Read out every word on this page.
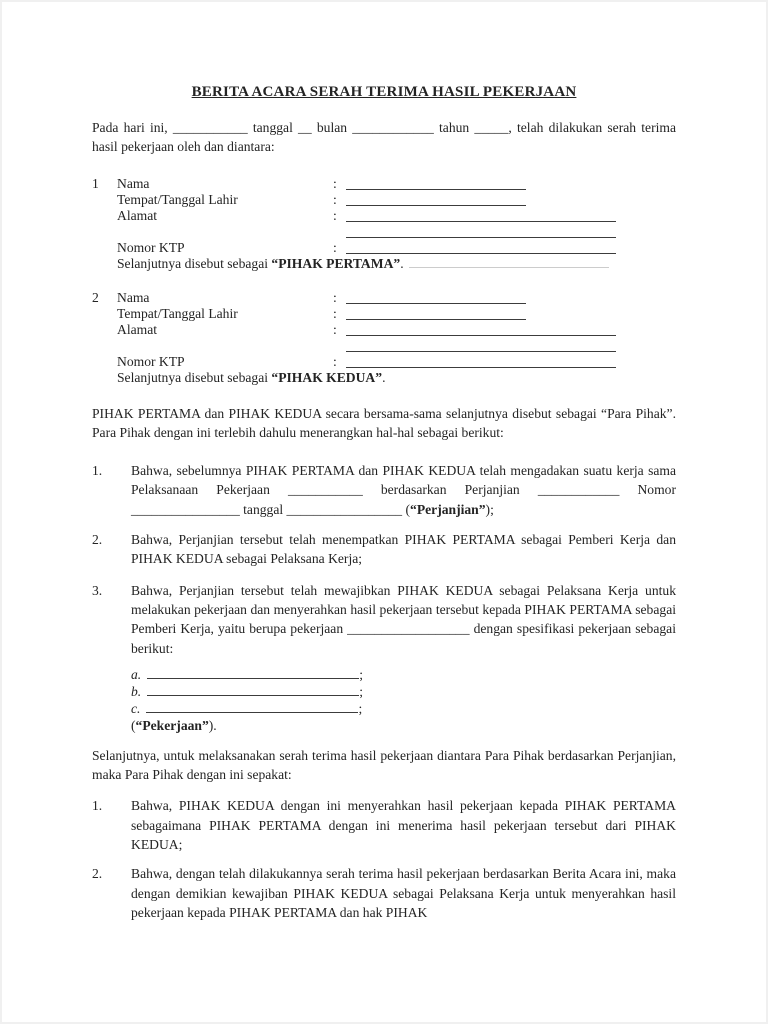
BERITA ACARA SERAH TERIMA HASIL PEKERJAAN

Pada hari ini, ___________ tanggal __ bulan ____________ tahun _____, telah dilakukan serah terima hasil pekerjaan oleh dan diantara:

1	Nama	:
Tempat/Tanggal Lahir	:
Alamat	:
Nomor KTP	:
Selanjutnya disebut sebagai “PIHAK PERTAMA”.
2	Nama	:
Tempat/Tanggal Lahir	:
Alamat	:
Nomor KTP	:
Selanjutnya disebut sebagai “PIHAK KEDUA”.

PIHAK PERTAMA dan PIHAK KEDUA secara bersama-sama selanjutnya disebut sebagai “Para Pihak”. Para Pihak dengan ini terlebih dahulu menerangkan hal-hal sebagai berikut:

1.	Bahwa, sebelumnya PIHAK PERTAMA dan PIHAK KEDUA telah mengadakan suatu kerja sama Pelaksanaan Pekerjaan ___________ berdasarkan Perjanjian ____________ Nomor ________________ tanggal _________________ (“Perjanjian”);

2.	Bahwa, Perjanjian tersebut telah menempatkan PIHAK PERTAMA sebagai Pemberi Kerja dan PIHAK KEDUA sebagai Pelaksana Kerja;

3.	Bahwa, Perjanjian tersebut telah mewajibkan PIHAK KEDUA sebagai Pelaksana Kerja untuk melakukan pekerjaan dan menyerahkan hasil pekerjaan tersebut kepada PIHAK PERTAMA sebagai Pemberi Kerja, yaitu berupa pekerjaan __________________ dengan spesifikasi pekerjaan sebagai berikut:

a.	;
b.	;
c.	;
(“Pekerjaan”).

Selanjutnya, untuk melaksanakan serah terima hasil pekerjaan diantara Para Pihak berdasarkan Perjanjian, maka Para Pihak dengan ini sepakat:

1.	Bahwa, PIHAK KEDUA dengan ini menyerahkan hasil pekerjaan kepada PIHAK PERTAMA sebagaimana PIHAK PERTAMA dengan ini menerima hasil pekerjaan tersebut dari PIHAK KEDUA;

2.	Bahwa, dengan telah dilakukannya serah terima hasil pekerjaan berdasarkan Berita Acara ini, maka dengan demikian kewajiban PIHAK KEDUA sebagai Pelaksana Kerja untuk menyerahkan hasil pekerjaan kepada PIHAK PERTAMA dan hak PIHAK
